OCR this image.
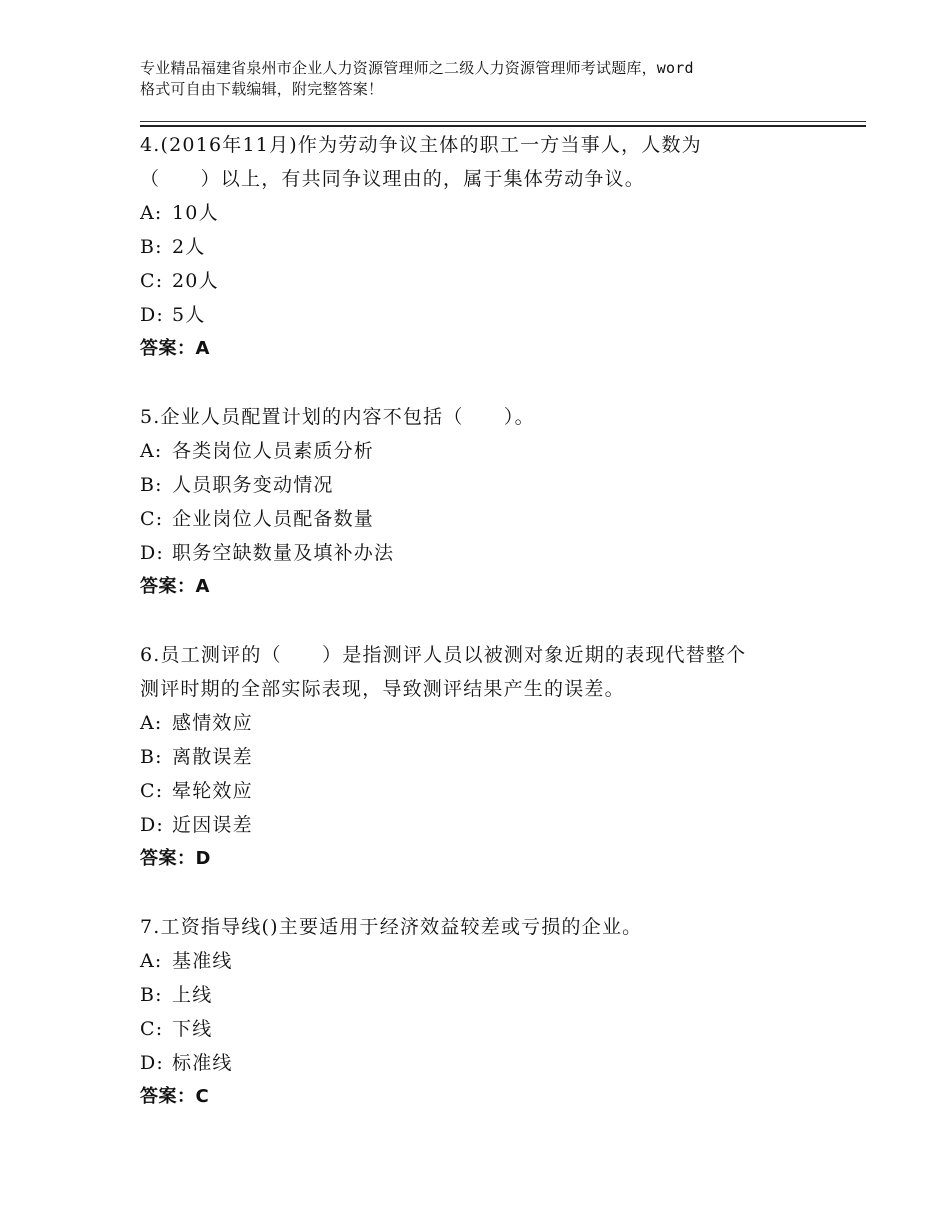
专业精品福建省泉州市企业人力资源管理师之二级人力资源管理师考试题库，word
格式可自由下载编辑，附完整答案！

4.(2016年11月)作为劳动争议主体的职工一方当事人，人数为

（　　）以上，有共同争议理由的，属于集体劳动争议。

A: 10人
B: 2人
C: 20人
D: 5人
答案：A

5.企业人员配置计划的内容不包括（　　）。

A: 各类岗位人员素质分析
B: 人员职务变动情况
C: 企业岗位人员配备数量
D: 职务空缺数量及填补办法
答案：A

6.员工测评的（　　）是指测评人员以被测对象近期的表现代替整个

测评时期的全部实际表现，导致测评结果产生的误差。

A: 感情效应
B: 离散误差
C: 晕轮效应
D: 近因误差
答案：D

7.工资指导线()主要适用于经济效益较差或亏损的企业。

A: 基准线
B: 上线
C: 下线
D: 标准线
答案：C
